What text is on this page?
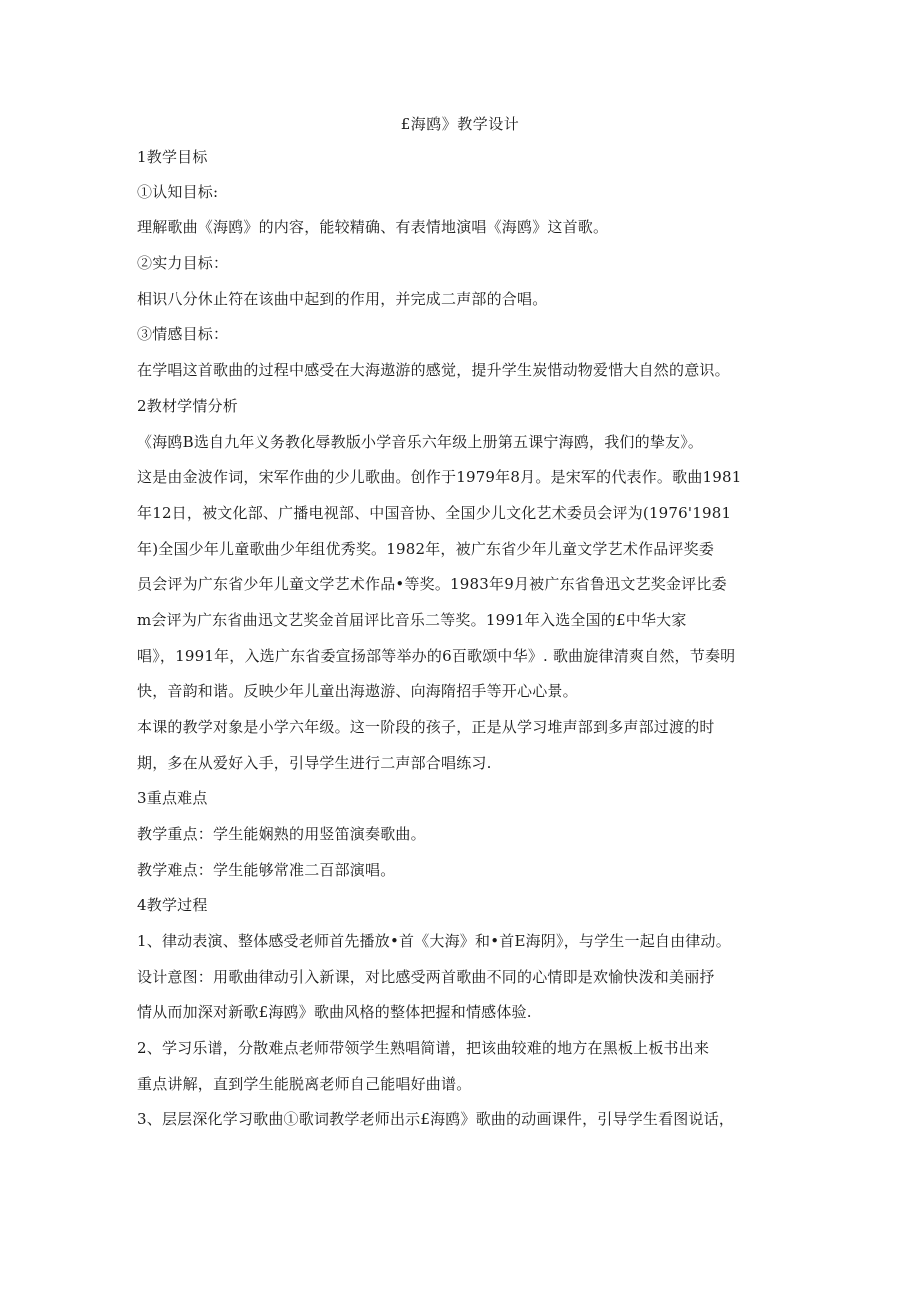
£海鸥》教学设计
1教学目标
①认知目标:
理解歌曲《海鸥》的内容，能较精确、有表情地演唱《海鸥》这首歌。
②实力目标：
相识八分休止符在该曲中起到的作用，并完成二声部的合唱。
③情感目标：
在学唱这首歌曲的过程中感受在大海遨游的感觉，提升学生炭惜动物爱惜大自然的意识。
2教材学情分析
《海鸥B选自九年义务教化辱教版小学音乐六年级上册第五课宁海鸥，我们的挚友》。
这是由金波作词，宋军作曲的少儿歌曲。创作于1979年8月。是宋军的代表作。歌曲1981
年12日，被文化部、广播电视部、中国音协、全国少儿文化艺术委员会评为(1976'1981
年)全国少年儿童歌曲少年组优秀奖。1982年，被广东省少年儿童文学艺术作品评奖委
员会评为广东省少年儿童文学艺术作品•等奖。1983年9月被广东省鲁迅文艺奖金评比委
m会评为广东省曲迅文艺奖金首届评比音乐二等奖。1991年入选全国的£中华大家
唱》，1991年，入选广东省委宣扬部等举办的6百歌颂中华》. 歌曲旋律清爽自然，节奏明
快，音韵和谐。反映少年儿童出海遨游、向海隋招手等开心心景。
本课的教学对象是小学六年级。这一阶段的孩子，正是从学习堆声部到多声部过渡的时
期，多在从爱好入手，引导学生进行二声部合唱练习.
3重点难点
教学重点：学生能娴熟的用竖笛演奏歌曲。
教学难点：学生能够常准二百部演唱。
4教学过程
1、律动表演、整体感受老师首先播放•首《大海》和•首E海阴》，与学生一起自由律动。
设计意图：用歌曲律动引入新课，对比感受两首歌曲不同的心情即是欢愉快泼和美丽抒
情从而加深对新歌£海鸥》歌曲风格的整体把握和情感体验.
2、学习乐谱，分散难点老师带领学生熟唱简谱，把该曲较难的地方在黑板上板书出来
重点讲解，直到学生能脱离老师自己能唱好曲谱。
3、层层深化学习歌曲①歌词教学老师出示£海鸥》歌曲的动画课件，引导学生看图说话，
